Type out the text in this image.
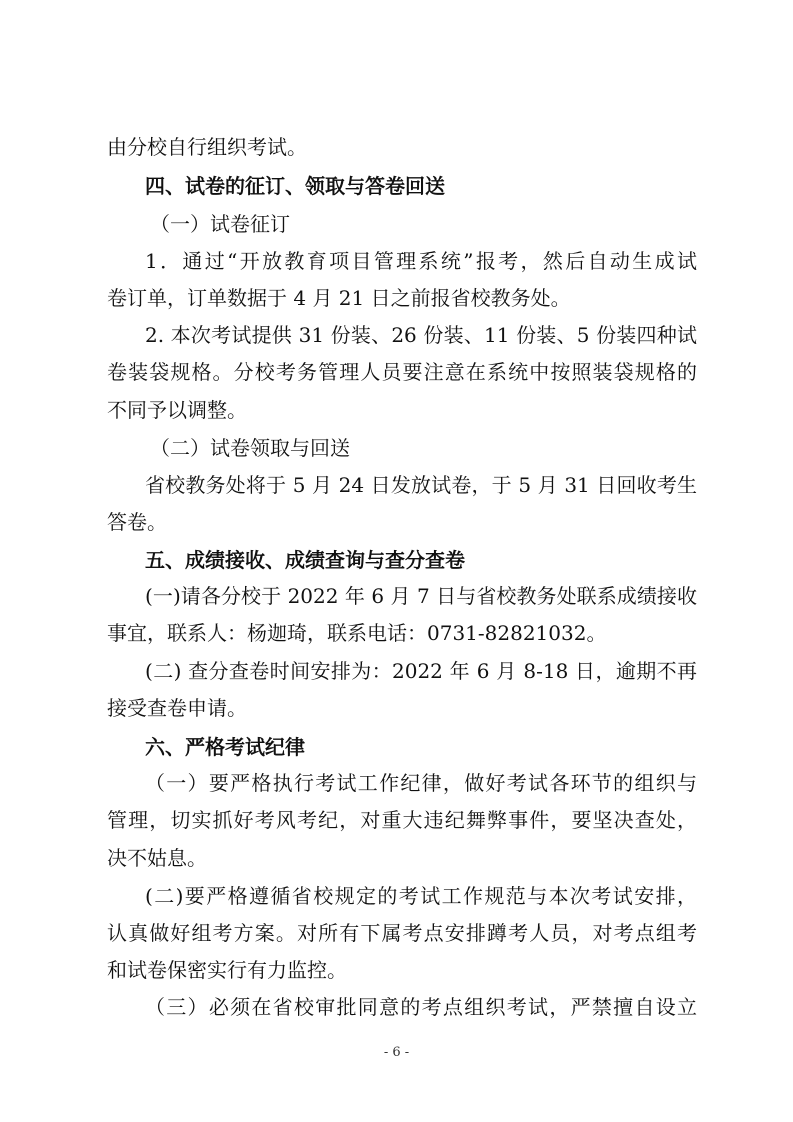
由分校自行组织考试。
四、试卷的征订、领取与答卷回送
（一）试卷征订
1．通过“开放教育项目管理系统”报考，然后自动生成试
卷订单，订单数据于 4 月 21 日之前报省校教务处。
2. 本次考试提供 31 份装、26 份装、11 份装、5 份装四种试
卷装袋规格。分校考务管理人员要注意在系统中按照装袋规格的
不同予以调整。
（二）试卷领取与回送
省校教务处将于 5 月 24 日发放试卷，于 5 月 31 日回收考生
答卷。
五、成绩接收、成绩查询与查分查卷
(一)请各分校于 2022 年 6 月 7 日与省校教务处联系成绩接收
事宜，联系人：杨迦琦，联系电话：0731-82821032。
(二) 查分查卷时间安排为：2022 年 6 月 8-18 日，逾期不再
接受查卷申请。
六、严格考试纪律
（一）要严格执行考试工作纪律，做好考试各环节的组织与
管理，切实抓好考风考纪，对重大违纪舞弊事件，要坚决查处，
决不姑息。
(二)要严格遵循省校规定的考试工作规范与本次考试安排，
认真做好组考方案。对所有下属考点安排蹲考人员，对考点组考
和试卷保密实行有力监控。
（三）必须在省校审批同意的考点组织考试，严禁擅自设立
- 6 -
